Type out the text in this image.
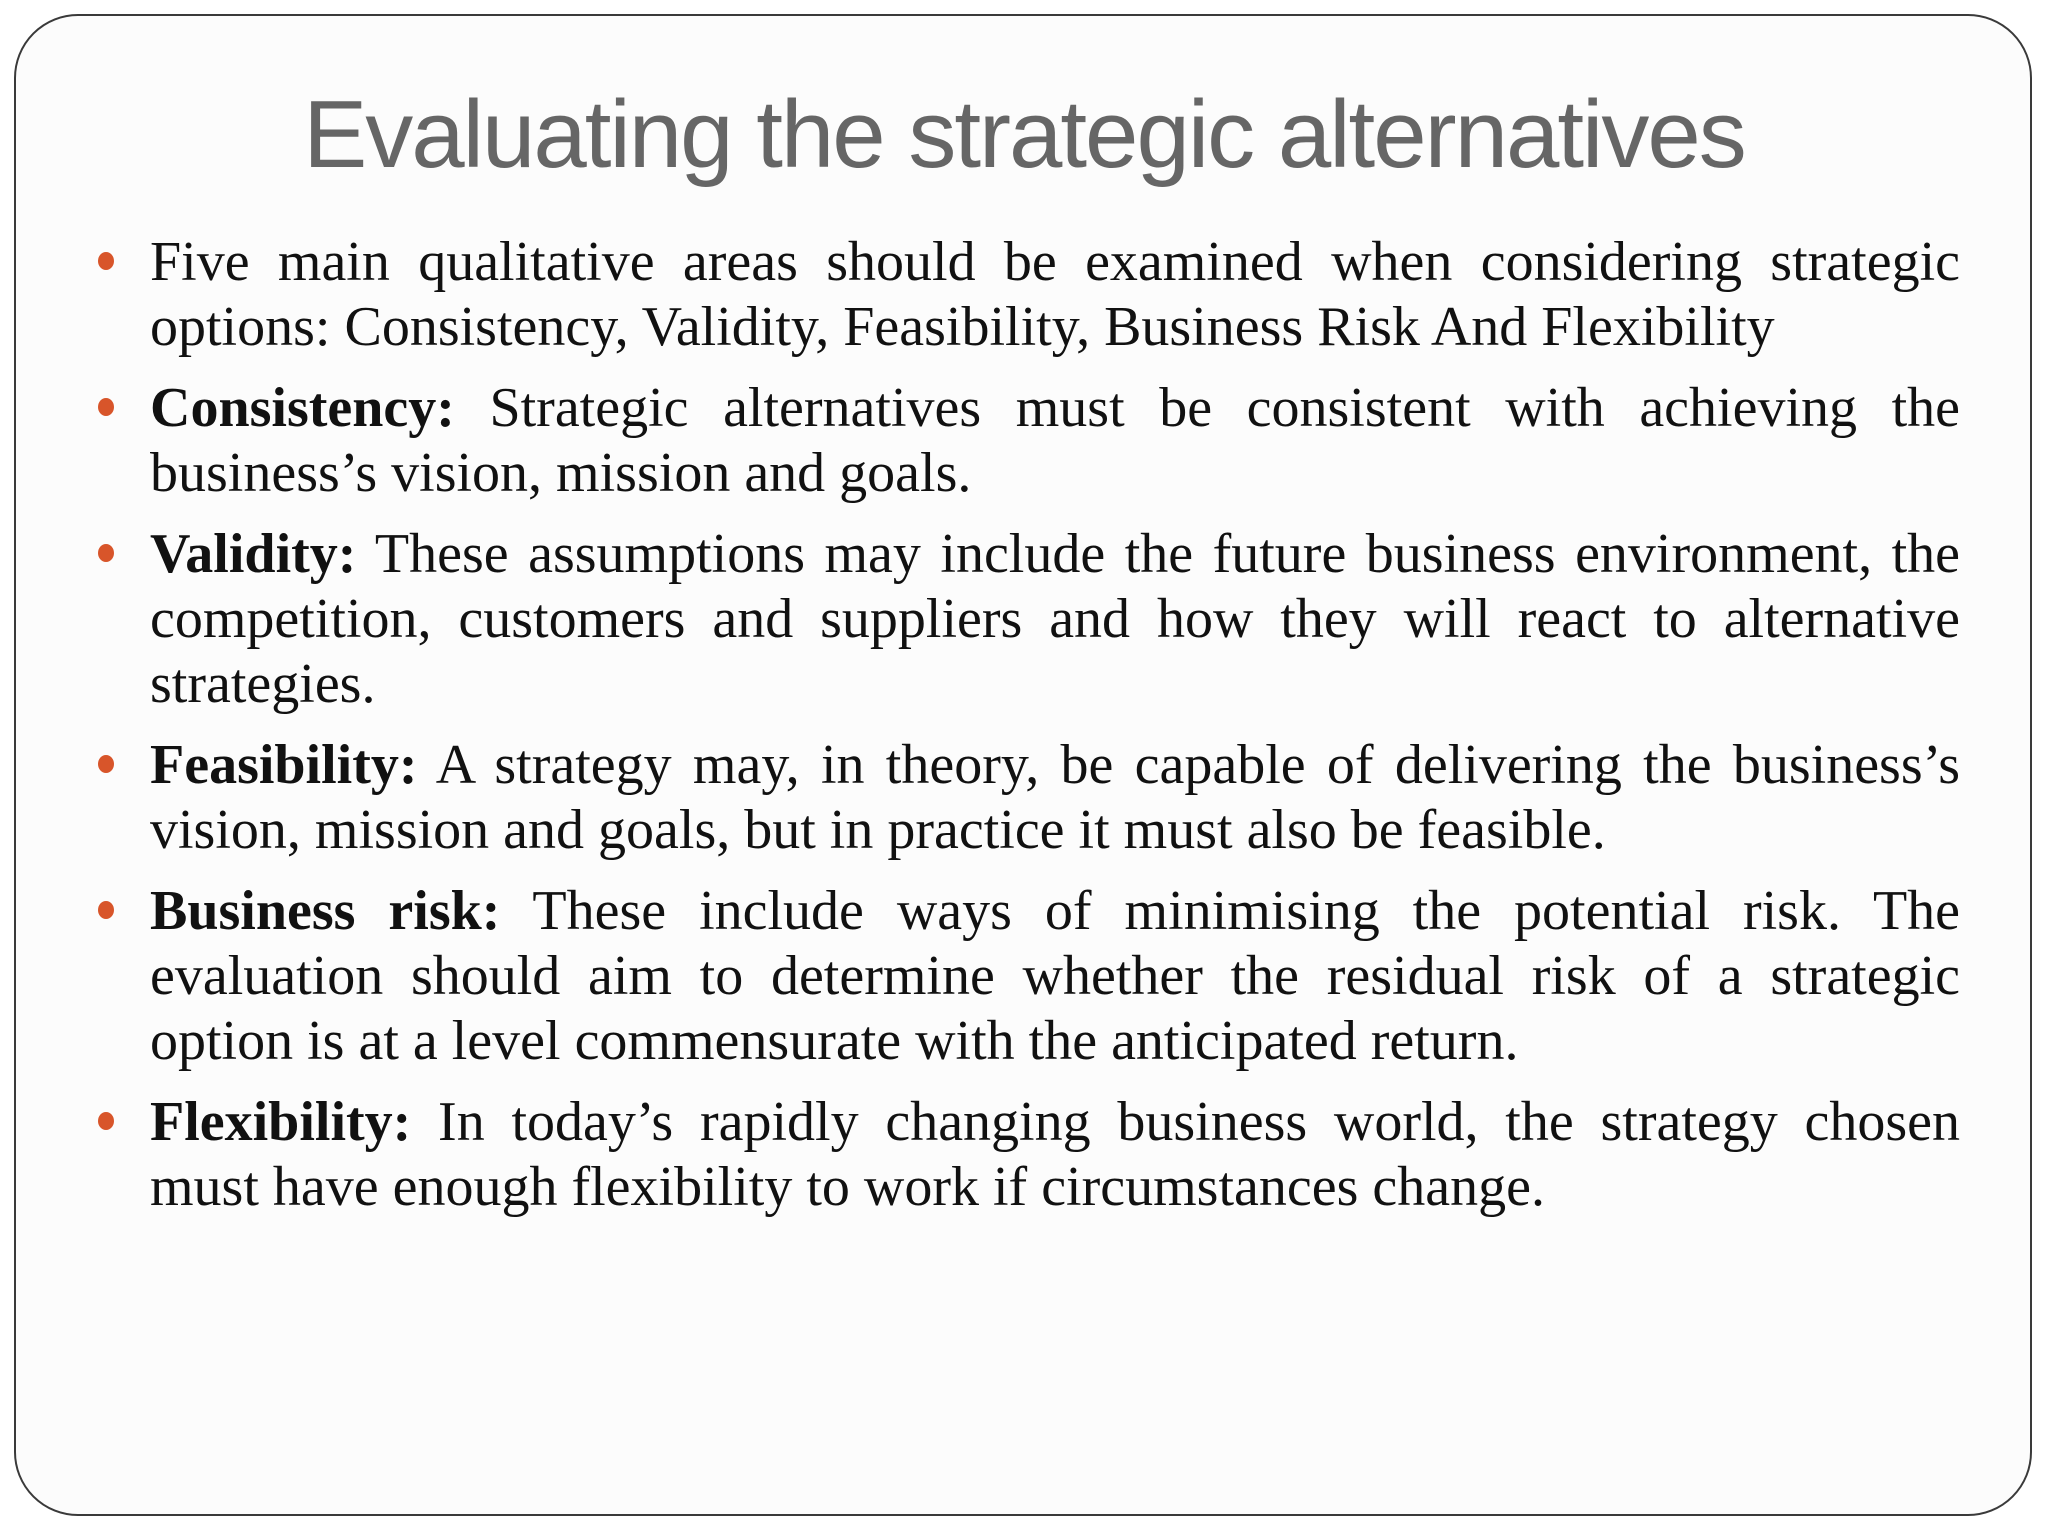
Evaluating the strategic alternatives
Five main qualitative areas should be examined when considering strategic options: Consistency, Validity, Feasibility, Business Risk And Flexibility
Consistency: Strategic alternatives must be consistent with achieving the business’s vision, mission and goals.
Validity: These assumptions may include the future business environment, the competition, customers and suppliers and how they will react to alternative strategies.
Feasibility: A strategy may, in theory, be capable of delivering the business’s vision, mission and goals, but in practice it must also be feasible.
Business risk: These include ways of minimising the potential risk. The evaluation should aim to determine whether the residual risk of a strategic option is at a level commensurate with the anticipated return.
Flexibility: In today’s rapidly changing business world, the strategy chosen must have enough flexibility to work if circumstances change.
